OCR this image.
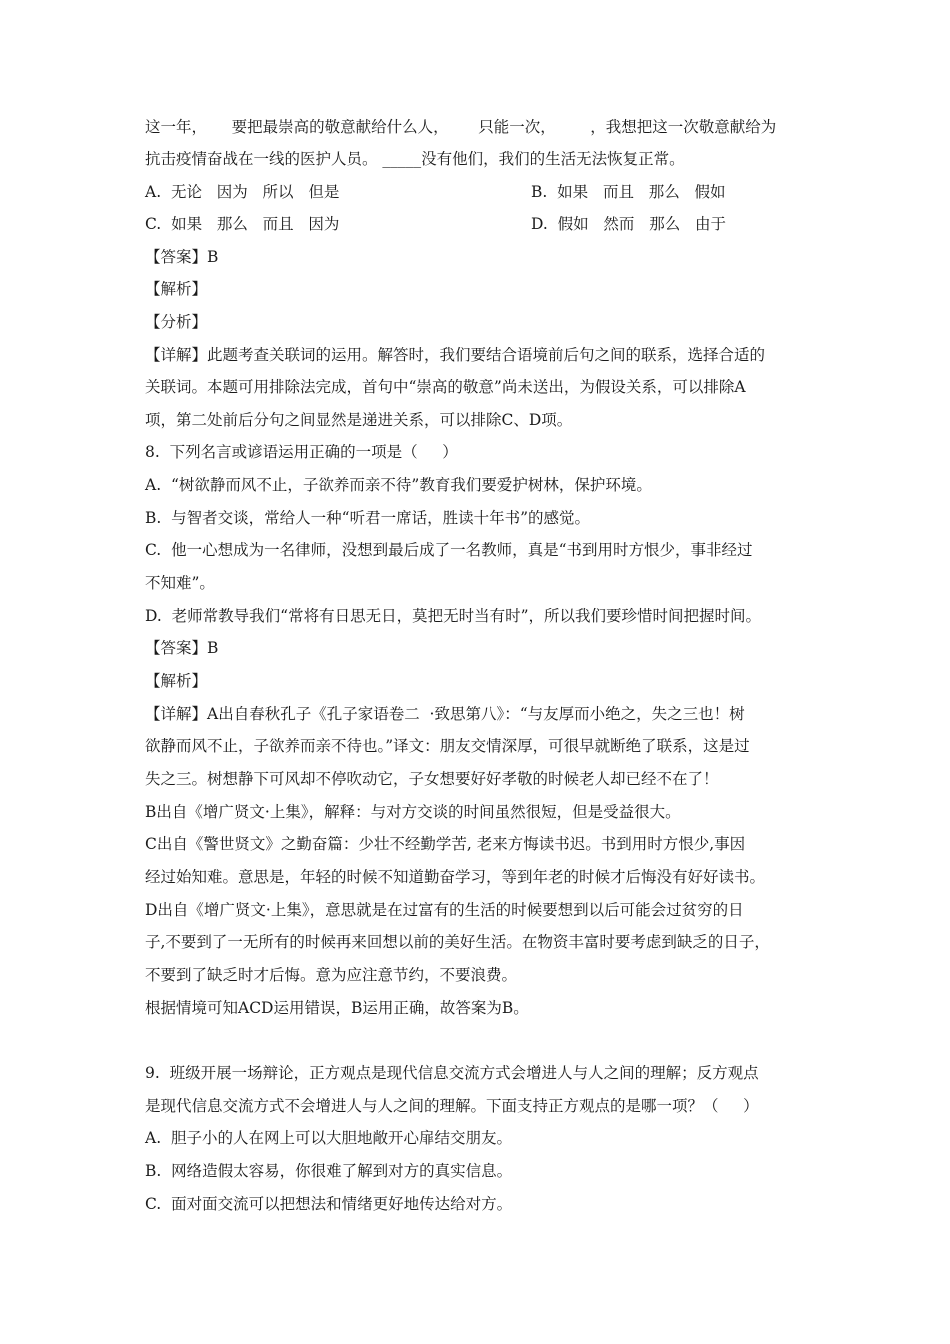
这一年，     要把最崇高的敬意献给什么人，      只能一次，       ，我想把这一次敬意献给为
抗击疫情奋战在一线的医护人员。 _____没有他们，我们的生活无法恢复正常。
A.  无论   因为   所以   但是	B.  如果   而且   那么   假如
C.  如果   那么   而且   因为	D.  假如   然而   那么   由于
【答案】B
【解析】
【分析】
【详解】此题考查关联词的运用。解答时，我们要结合语境前后句之间的联系，选择合适的
关联词。本题可用排除法完成，首句中“崇高的敬意”尚未送出，为假设关系，可以排除A
项，第二处前后分句之间显然是递进关系，可以排除C、D项。
8.  下列名言或谚语运用正确的一项是（     ）
A.  “树欲静而风不止，子欲养而亲不待”教育我们要爱护树林，保护环境。
B.  与智者交谈，常给人一种“听君一席话，胜读十年书”的感觉。
C.  他一心想成为一名律师，没想到最后成了一名教师，真是“书到用时方恨少，事非经过
不知难”。
D.  老师常教导我们“常将有日思无日，莫把无时当有时”，所以我们要珍惜时间把握时间。
【答案】B
【解析】
【详解】A出自春秋孔子《孔子家语卷二  ·致思第八》：“与友厚而小绝之，失之三也！树
欲静而风不止，子欲养而亲不待也。”译文：朋友交情深厚，可很早就断绝了联系，这是过
失之三。树想静下可风却不停吹动它，子女想要好好孝敬的时候老人却已经不在了！
B出自《增广贤文·上集》，解释：与对方交谈的时间虽然很短，但是受益很大。
C出自《警世贤文》之勤奋篇：少壮不经勤学苦, 老来方悔读书迟。书到用时方恨少,事因
经过始知难。意思是，年轻的时候不知道勤奋学习，等到年老的时候才后悔没有好好读书。
D出自《增广贤文·上集》，意思就是在过富有的生活的时候要想到以后可能会过贫穷的日
子,不要到了一无所有的时候再来回想以前的美好生活。在物资丰富时要考虑到缺乏的日子，
不要到了缺乏时才后悔。意为应注意节约，不要浪费。
根据情境可知ACD运用错误，B运用正确，故答案为B。
9.  班级开展一场辩论，正方观点是现代信息交流方式会增进人与人之间的理解；反方观点
是现代信息交流方式不会增进人与人之间的理解。下面支持正方观点的是哪一项？（     ）
A.  胆子小的人在网上可以大胆地敞开心扉结交朋友。
B.  网络造假太容易，你很难了解到对方的真实信息。
C.  面对面交流可以把想法和情绪更好地传达给对方。
